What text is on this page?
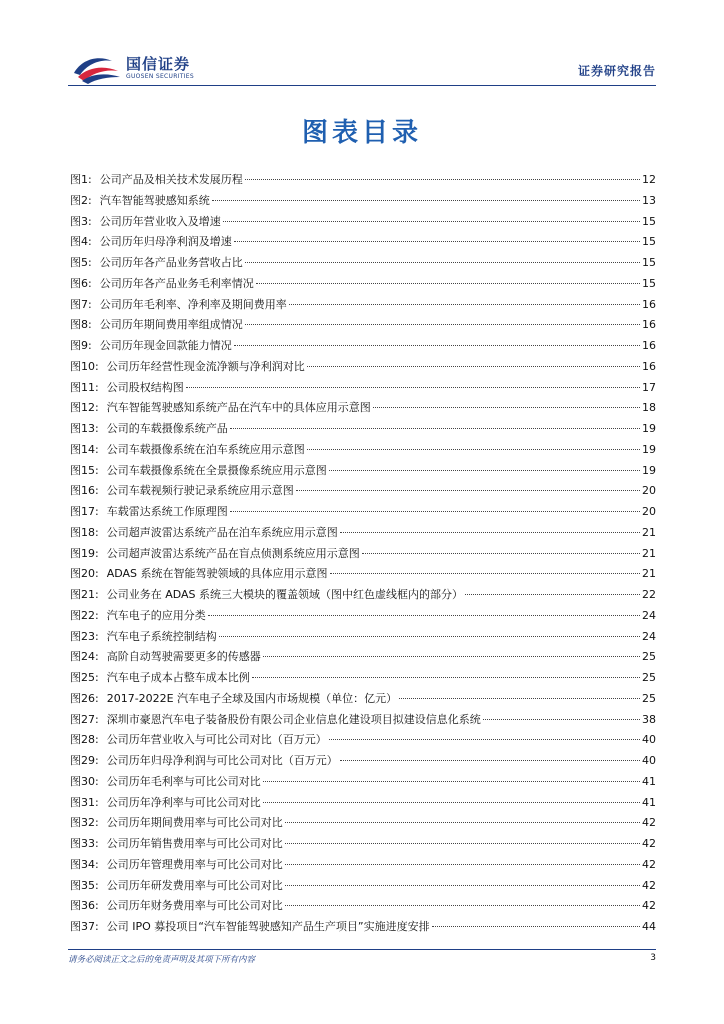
国信证券
GUOSEN SECURITIES	证券研究报告
图表目录
图1: 公司产品及相关技术发展历程	12
图2: 汽车智能驾驶感知系统	13
图3: 公司历年营业收入及增速	15
图4: 公司历年归母净利润及增速	15
图5: 公司历年各产品业务营收占比	15
图6: 公司历年各产品业务毛利率情况	15
图7: 公司历年毛利率、净利率及期间费用率	16
图8: 公司历年期间费用率组成情况	16
图9: 公司历年现金回款能力情况	16
图10: 公司历年经营性现金流净额与净利润对比	16
图11: 公司股权结构图	17
图12: 汽车智能驾驶感知系统产品在汽车中的具体应用示意图	18
图13: 公司的车载摄像系统产品	19
图14: 公司车载摄像系统在泊车系统应用示意图	19
图15: 公司车载摄像系统在全景摄像系统应用示意图	19
图16: 公司车载视频行驶记录系统应用示意图	20
图17: 车载雷达系统工作原理图	20
图18: 公司超声波雷达系统产品在泊车系统应用示意图	21
图19: 公司超声波雷达系统产品在盲点侦测系统应用示意图	21
图20: ADAS 系统在智能驾驶领域的具体应用示意图	21
图21: 公司业务在 ADAS 系统三大模块的覆盖领域（图中红色虚线框内的部分）	22
图22: 汽车电子的应用分类	24
图23: 汽车电子系统控制结构	24
图24: 高阶自动驾驶需要更多的传感器	25
图25: 汽车电子成本占整车成本比例	25
图26: 2017-2022E 汽车电子全球及国内市场规模（单位：亿元）	25
图27: 深圳市豪恩汽车电子装备股份有限公司企业信息化建设项目拟建设信息化系统	38
图28: 公司历年营业收入与可比公司对比（百万元）	40
图29: 公司历年归母净利润与可比公司对比（百万元）	40
图30: 公司历年毛利率与可比公司对比	41
图31: 公司历年净利率与可比公司对比	41
图32: 公司历年期间费用率与可比公司对比	42
图33: 公司历年销售费用率与可比公司对比	42
图34: 公司历年管理费用率与可比公司对比	42
图35: 公司历年研发费用率与可比公司对比	42
图36: 公司历年财务费用率与可比公司对比	42
图37: 公司 IPO 募投项目“汽车智能驾驶感知产品生产项目”实施进度安排	44
请务必阅读正文之后的免责声明及其项下所有内容	3
